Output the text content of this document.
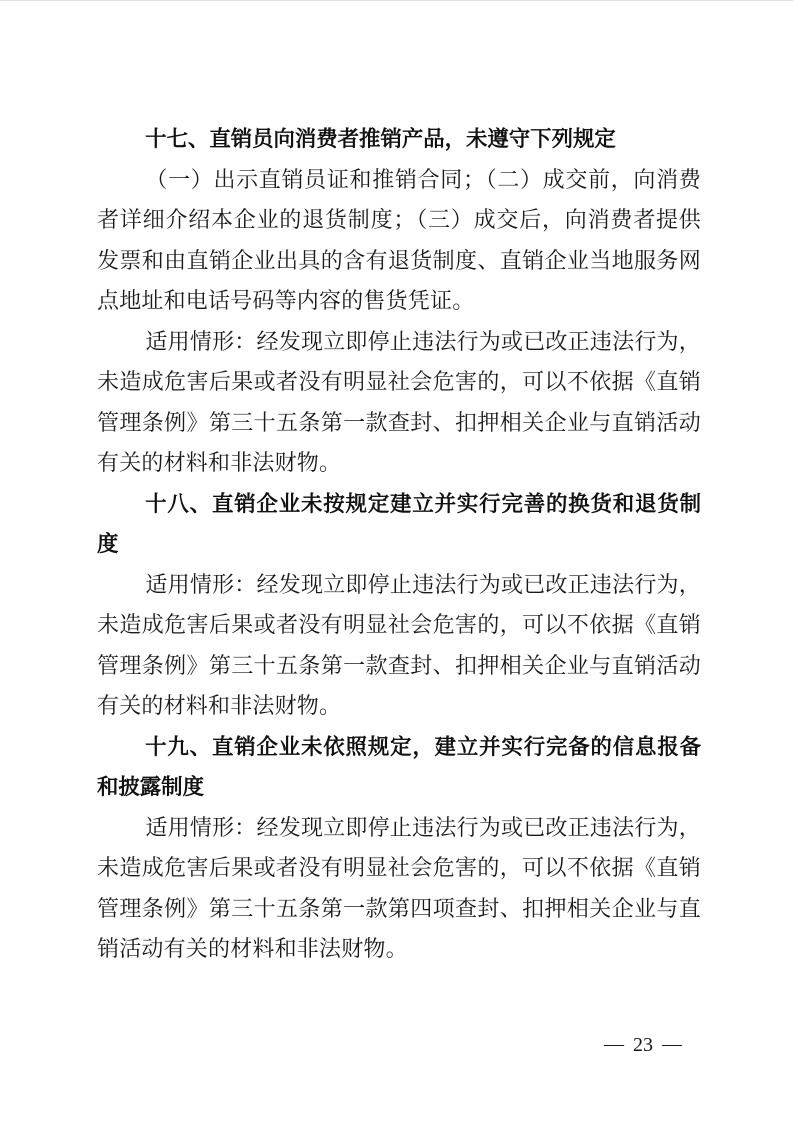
十七、直销员向消费者推销产品，未遵守下列规定

（一）出示直销员证和推销合同；（二）成交前，向消费者详细介绍本企业的退货制度；（三）成交后，向消费者提供发票和由直销企业出具的含有退货制度、直销企业当地服务网点地址和电话号码等内容的售货凭证。

适用情形：经发现立即停止违法行为或已改正违法行为，未造成危害后果或者没有明显社会危害的，可以不依据《直销管理条例》第三十五条第一款查封、扣押相关企业与直销活动有关的材料和非法财物。

十八、直销企业未按规定建立并实行完善的换货和退货制度

适用情形：经发现立即停止违法行为或已改正违法行为，未造成危害后果或者没有明显社会危害的，可以不依据《直销管理条例》第三十五条第一款查封、扣押相关企业与直销活动有关的材料和非法财物。

十九、直销企业未依照规定，建立并实行完备的信息报备和披露制度

适用情形：经发现立即停止违法行为或已改正违法行为，未造成危害后果或者没有明显社会危害的，可以不依据《直销管理条例》第三十五条第一款第四项查封、扣押相关企业与直销活动有关的材料和非法财物。

— 23 —
